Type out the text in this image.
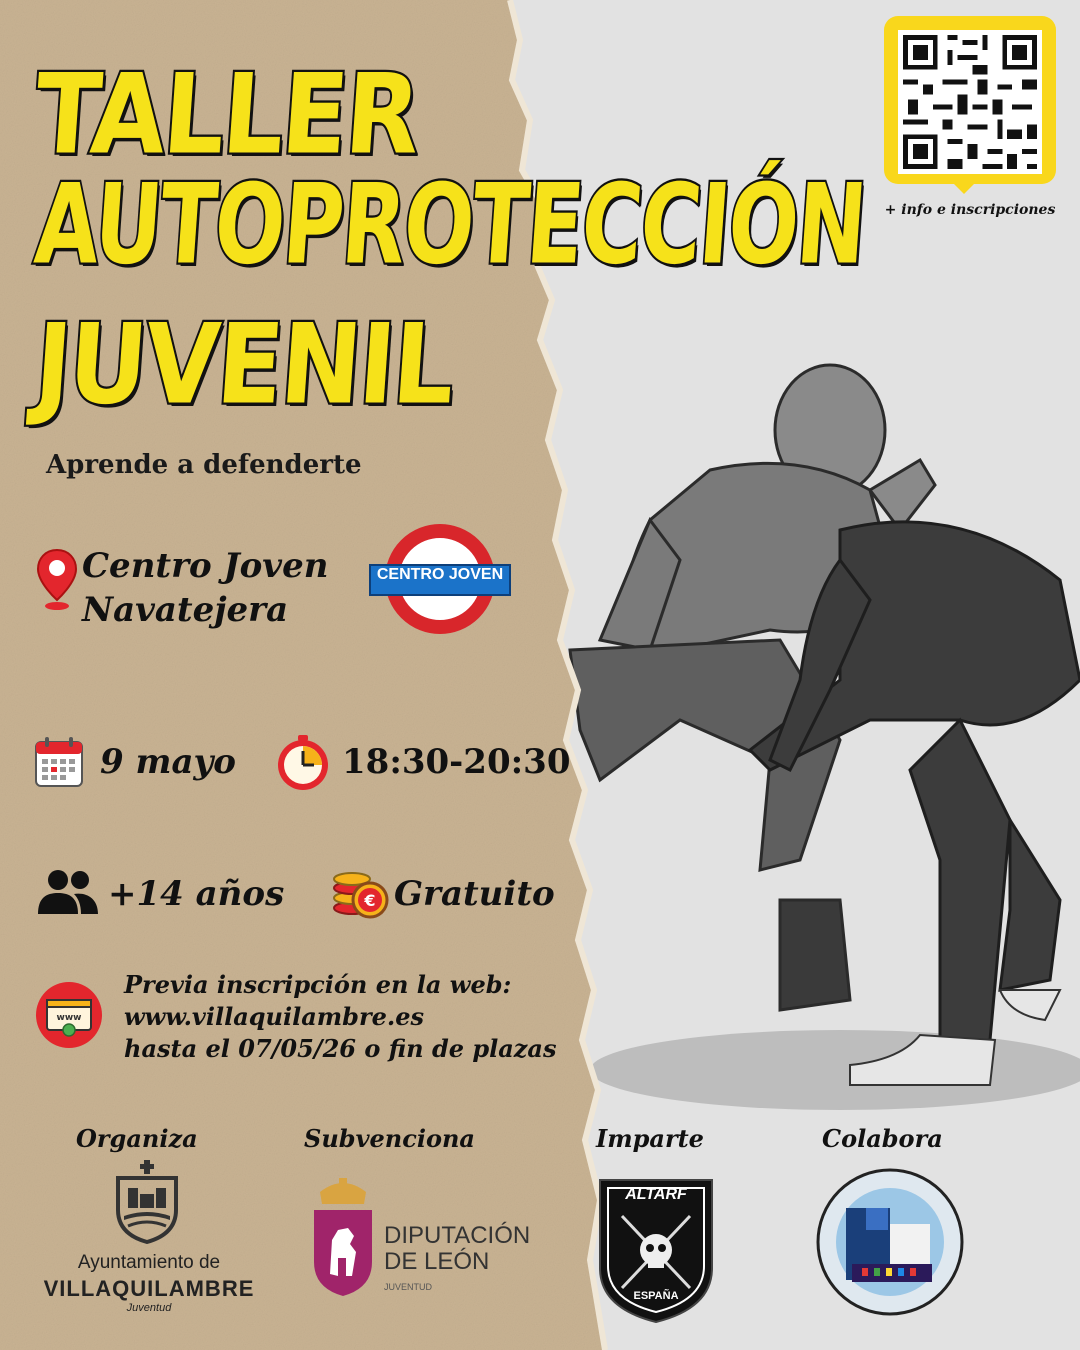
TALLER
AUTOPROTECCIÓN
JUVENIL
Aprende a defenderte
+ info e inscripciones
Centro Joven
Navatejera
CENTRO JOVEN
9 mayo	18:30-20:30
+14 años	€ Gratuito
www
Previa inscripción en la web:
www.villaquilambre.es
hasta el 07/05/26 o fin de plazas
Organiza	Subvenciona	Imparte	Colabora
Ayuntamiento de
VILLAQUILAMBRE
Juventud
DIPUTACIÓN
DE LEÓN
JUVENTUD
ALTARF
ESPAÑA
